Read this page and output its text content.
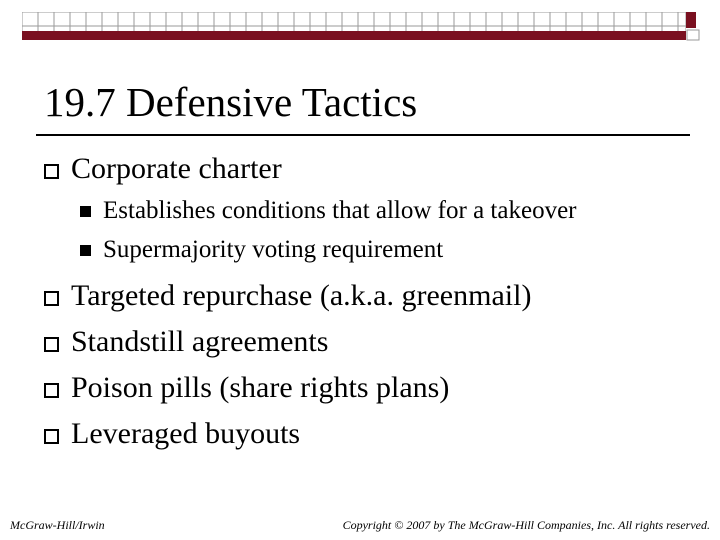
19.7 Defensive Tactics
Corporate charter
Establishes conditions that allow for a takeover
Supermajority voting requirement
Targeted repurchase (a.k.a. greenmail)
Standstill agreements
Poison pills (share rights plans)
Leveraged buyouts
McGraw-Hill/Irwin	Copyright © 2007 by The McGraw-Hill Companies, Inc. All rights reserved.
